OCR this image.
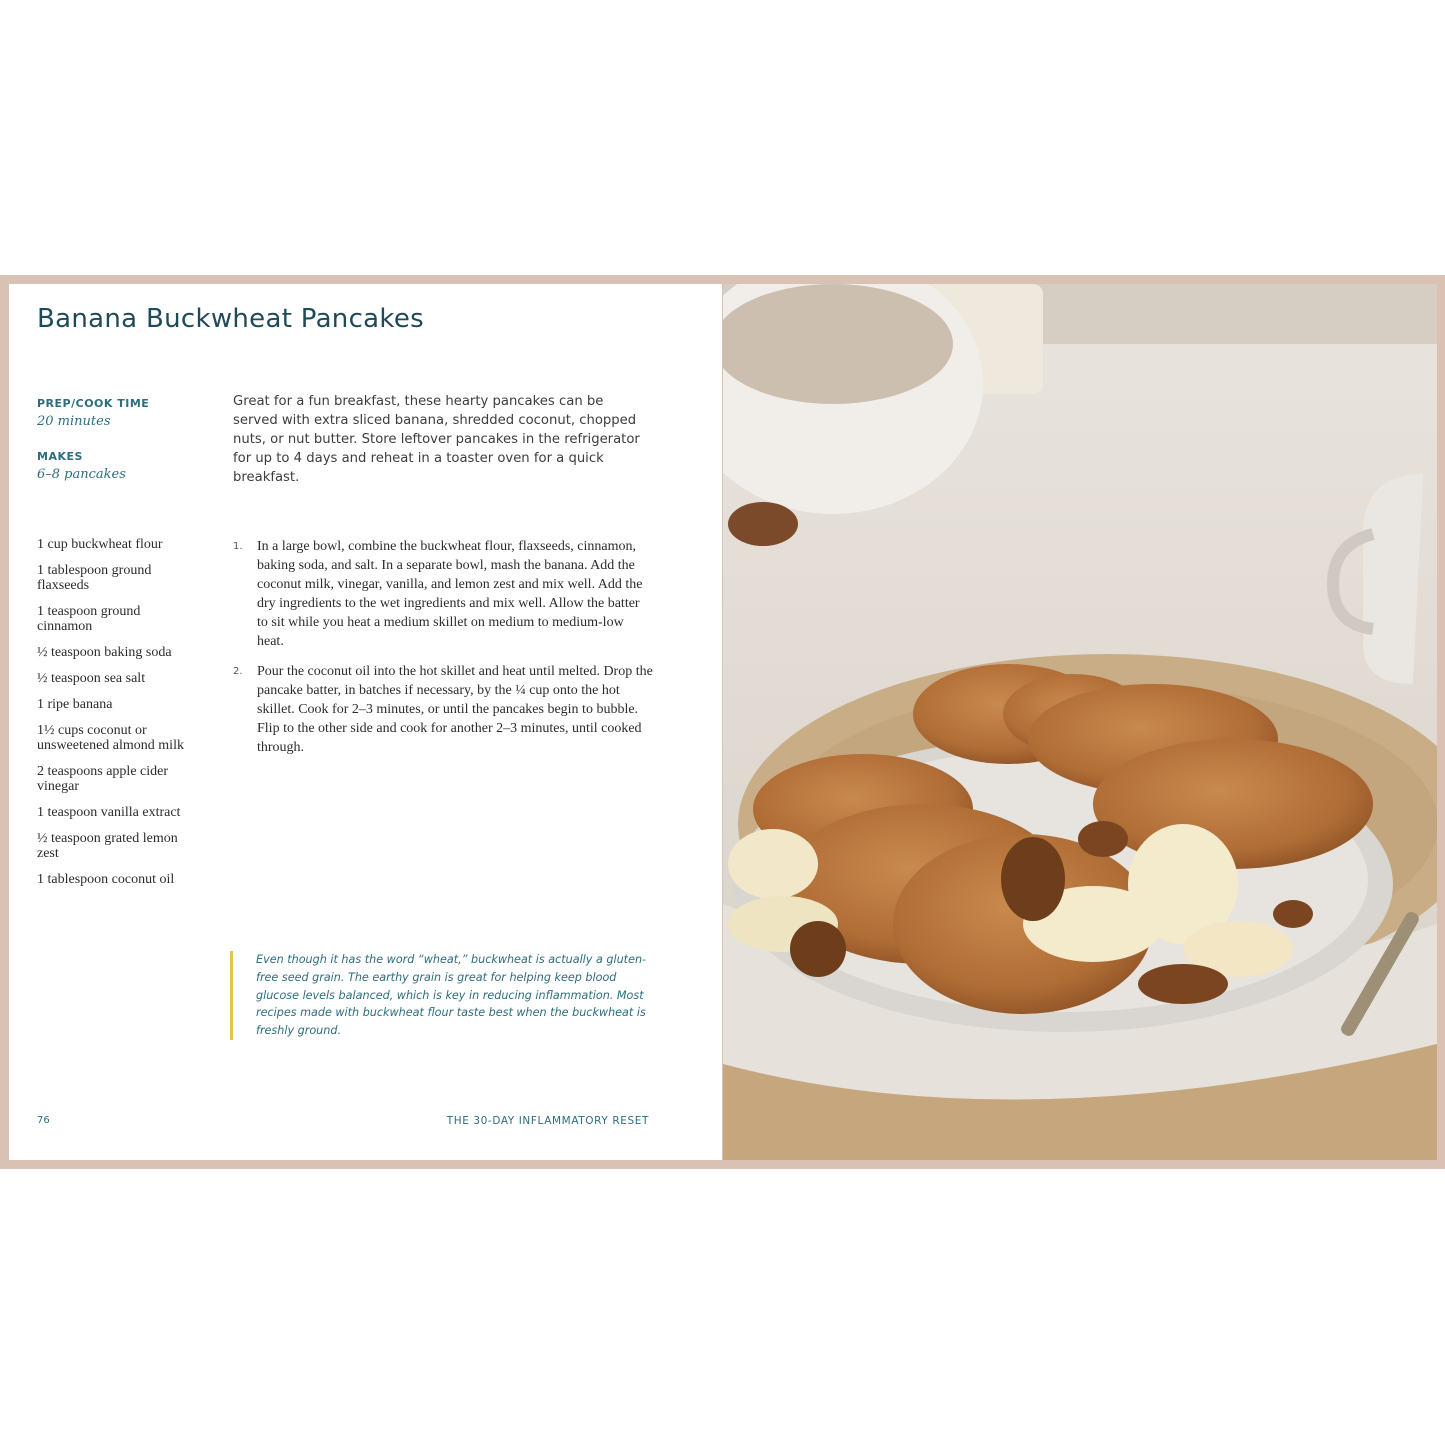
Banana Buckwheat Pancakes
PREP/COOK TIME
20 minutes
MAKES
6–8 pancakes

Great for a fun breakfast, these hearty pancakes can be served with extra sliced banana, shredded coconut, chopped nuts, or nut butter. Store leftover pancakes in the refrigerator for up to 4 days and reheat in a toaster oven for a quick breakfast.

1 cup buckwheat flour
1 tablespoon ground flaxseeds
1 teaspoon ground cinnamon
½ teaspoon baking soda
½ teaspoon sea salt
1 ripe banana
1½ cups coconut or unsweetened almond milk
2 teaspoons apple cider vinegar
1 teaspoon vanilla extract
½ teaspoon grated lemon zest
1 tablespoon coconut oil
1. In a large bowl, combine the buckwheat flour, flaxseeds, cinnamon, baking soda, and salt. In a separate bowl, mash the banana. Add the coconut milk, vinegar, vanilla, and lemon zest and mix well. Add the dry ingredients to the wet ingredients and mix well. Allow the batter to sit while you heat a medium skillet on medium to medium-low heat.
2. Pour the coconut oil into the hot skillet and heat until melted. Drop the pancake batter, in batches if necessary, by the ¼ cup onto the hot skillet. Cook for 2–3 minutes, or until the pancakes begin to bubble. Flip to the other side and cook for another 2–3 minutes, until cooked through.
Even though it has the word “wheat,” buckwheat is actually a gluten-free seed grain. The earthy grain is great for helping keep blood glucose levels balanced, which is key in reducing inflammation. Most recipes made with buckwheat flour taste best when the buckwheat is freshly ground.
76	THE 30-DAY INFLAMMATORY RESET
